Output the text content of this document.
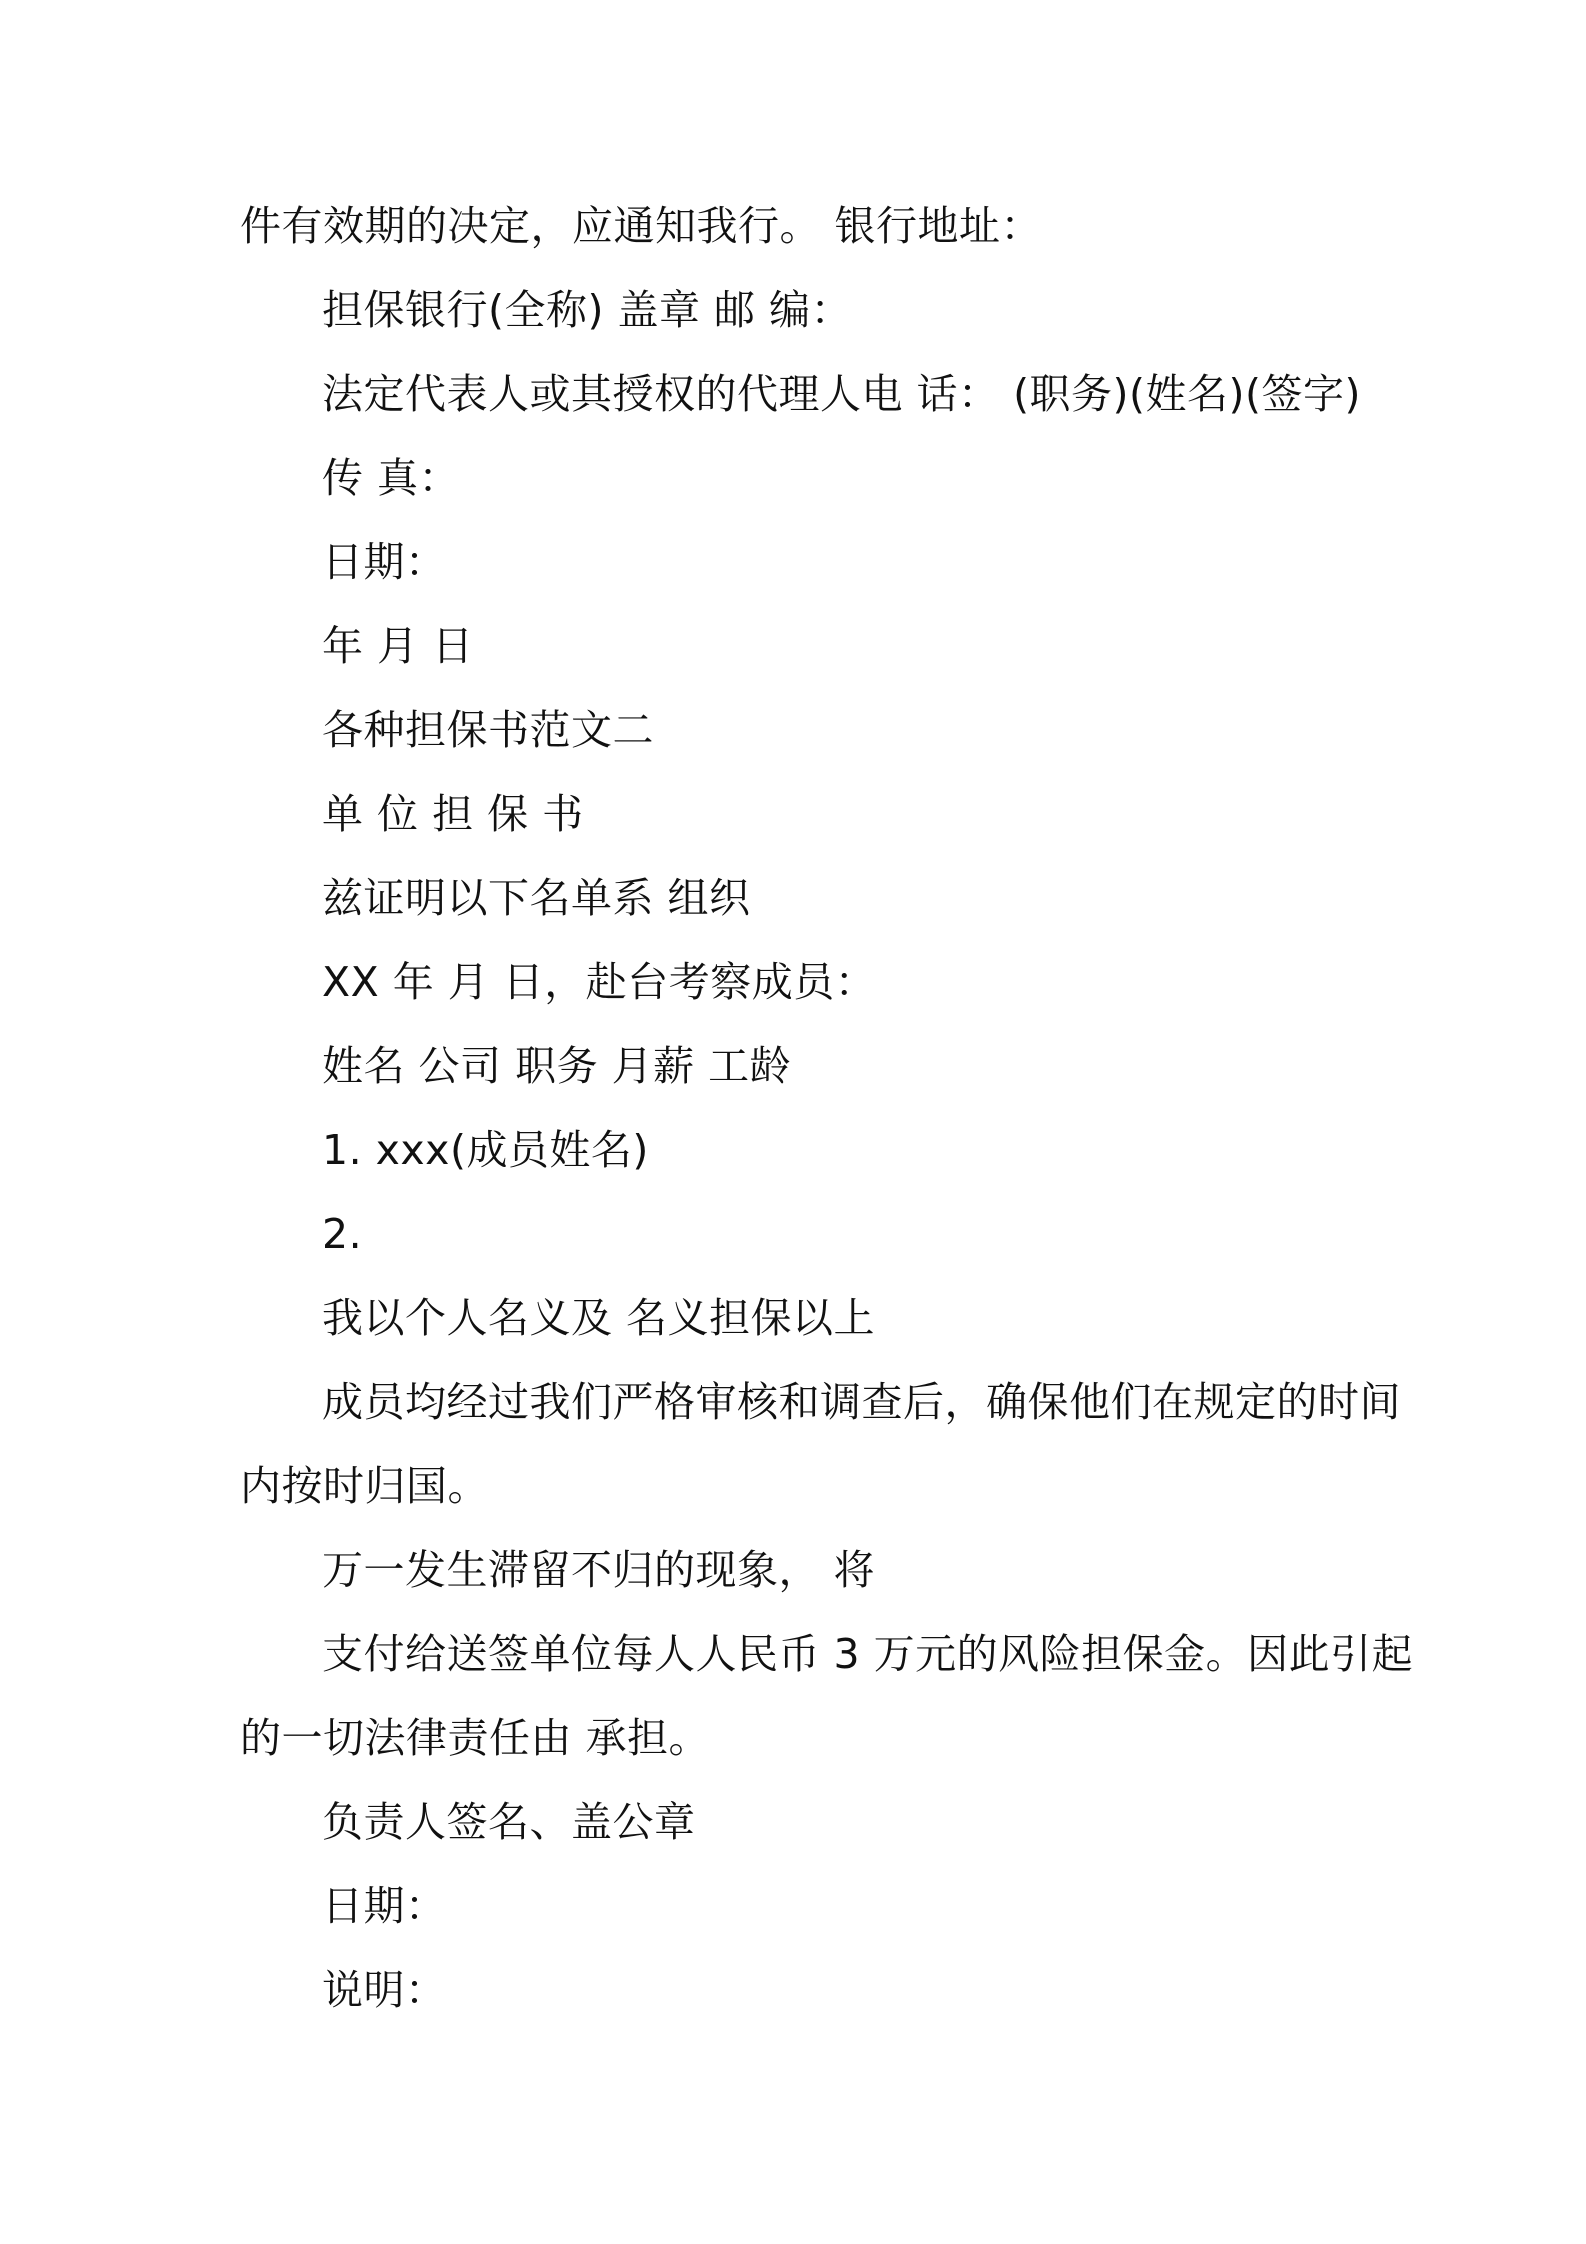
件有效期的决定，应通知我行。 银行地址：
担保银行(全称) 盖章 邮 编：
法定代表人或其授权的代理人电 话： (职务)(姓名)(签字)
传 真：
日期：
年 月 日
各种担保书范文二
单 位 担 保 书
兹证明以下名单系 组织
XX 年 月 日，赴台考察成员：
姓名 公司 职务 月薪 工龄
1. xxx(成员姓名)
2.
我以个人名义及 名义担保以上
成员均经过我们严格审核和调查后，确保他们在规定的时间
内按时归国。
万一发生滞留不归的现象， 将
支付给送签单位每人人民币 3 万元的风险担保金。因此引起
的一切法律责任由 承担。
负责人签名、盖公章
日期：
说明：
